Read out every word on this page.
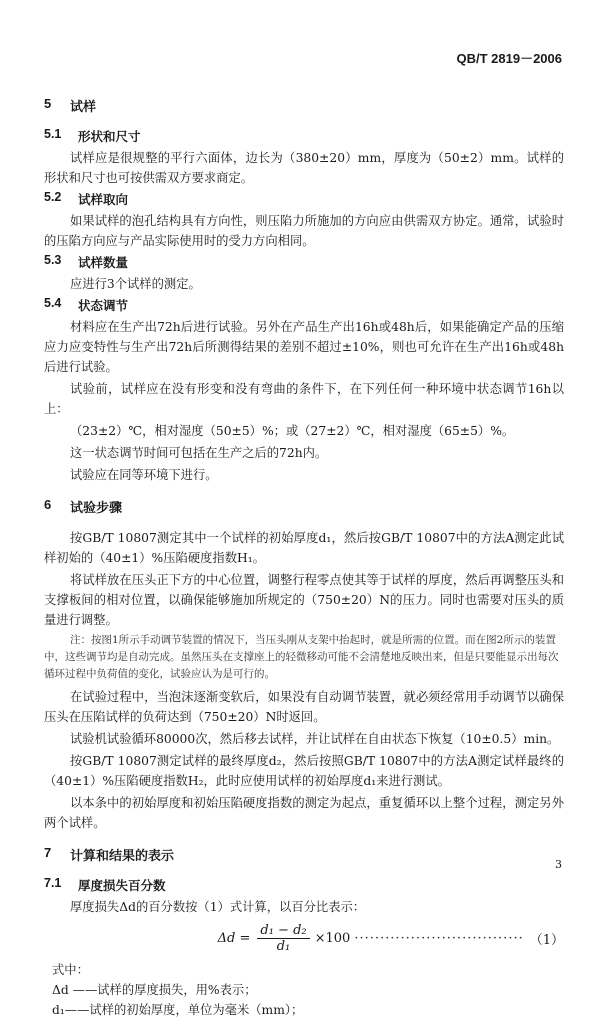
QB/T 2819－2006
5	试样
5.1	形状和尺寸
试样应是很规整的平行六面体，边长为（380±20）mm，厚度为（50±2）mm。试样的形状和尺寸也可按供需双方要求商定。
5.2	试样取向
如果试样的泡孔结构具有方向性，则压陷力所施加的方向应由供需双方协定。通常，试验时的压陷方向应与产品实际使用时的受力方向相同。
5.3	试样数量
应进行3个试样的测定。
5.4	状态调节
材料应在生产出72h后进行试验。另外在产品生产出16h或48h后，如果能确定产品的压缩应力应变特性与生产出72h后所测得结果的差别不超过±10%，则也可允许在生产出16h或48h后进行试验。
试验前，试样应在没有形变和没有弯曲的条件下，在下列任何一种环境中状态调节16h以上：
（23±2）℃，相对湿度（50±5）%；或（27±2）℃，相对湿度（65±5）%。
这一状态调节时间可包括在生产之后的72h内。
试验应在同等环境下进行。
6	试验步骤
按GB/T 10807测定其中一个试样的初始厚度d₁，然后按GB/T 10807中的方法A测定此试样初始的（40±1）%压陷硬度指数H₁。
将试样放在压头正下方的中心位置，调整行程零点使其等于试样的厚度，然后再调整压头和支撑板间的相对位置，以确保能够施加所规定的（750±20）N的压力。同时也需要对压头的质量进行调整。
注：按图1所示手动调节装置的情况下，当压头刚从支架中抬起时，就是所需的位置。而在图2所示的装置中，这些调节均是自动完成。虽然压头在支撑座上的轻微移动可能不会清楚地反映出来，但是只要能显示出每次循环过程中负荷值的变化，试验应认为是可行的。
在试验过程中，当泡沫逐渐变软后，如果没有自动调节装置，就必须经常用手动调节以确保压头在压陷试样的负荷达到（750±20）N时返回。
试验机试验循环80000次，然后移去试样，并让试样在自由状态下恢复（10±0.5）min。
按GB/T 10807测定试样的最终厚度d₂，然后按照GB/T 10807中的方法A测定试样最终的（40±1）%压陷硬度指数H₂，此时应使用试样的初始厚度d₁来进行测试。
以本条中的初始厚度和初始压陷硬度指数的测定为起点，重复循环以上整个过程，测定另外两个试样。
7	计算和结果的表示
7.1	厚度损失百分数
厚度损失Δd的百分数按（1）式计算，以百分比表示：
$\Delta d = \frac{\text{d₁ − d₂}}{\text{d₁}} \times 100$ ································· （1）
式中：
Δd ——试样的厚度损失，用%表示；
d₁——试样的初始厚度，单位为毫米（mm）；
3
